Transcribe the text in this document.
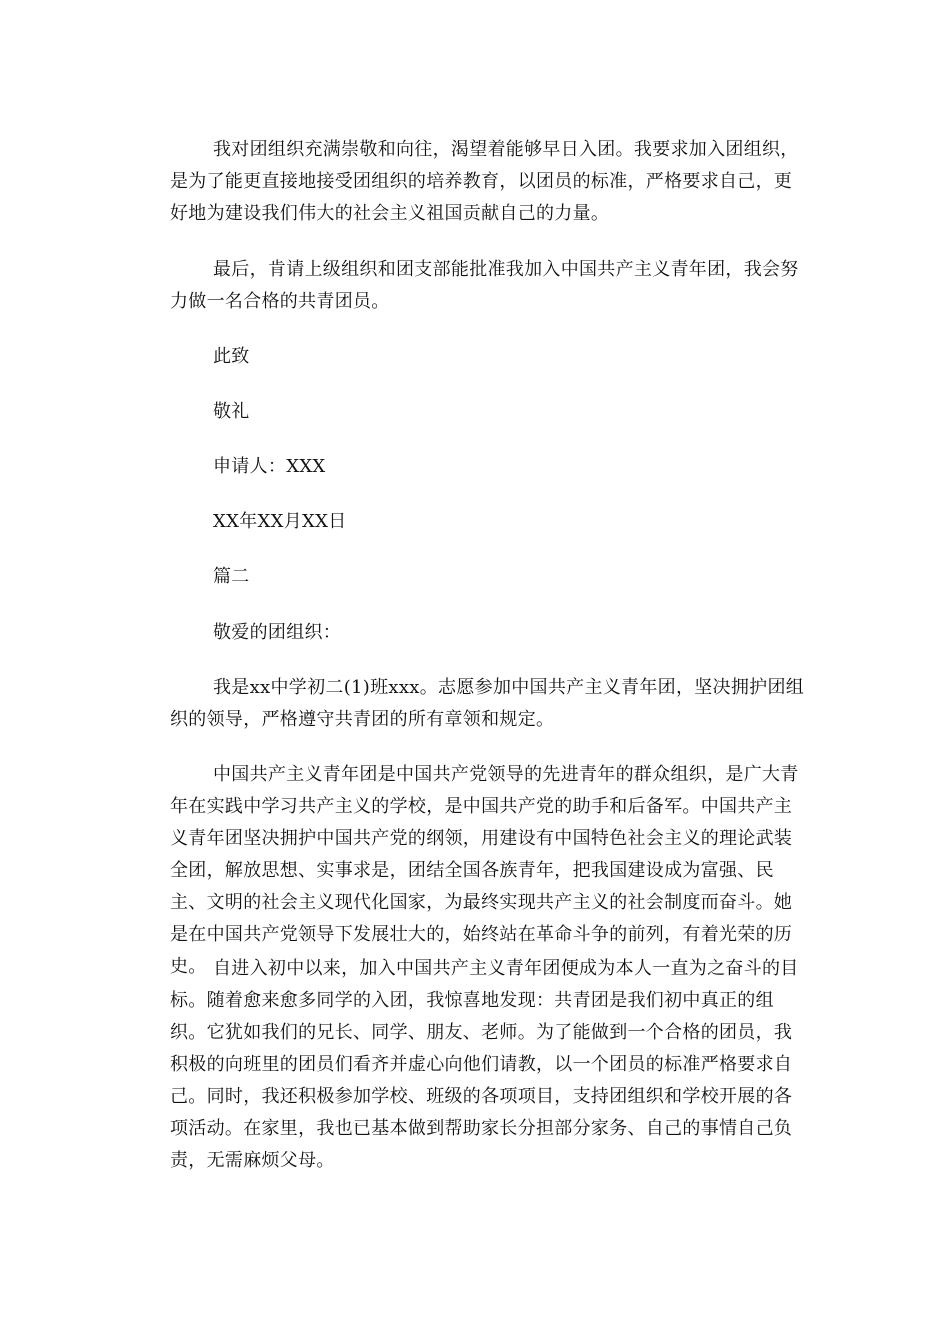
我对团组织充满崇敬和向往，渴望着能够早日入团。我要求加入团组织，是为了能更直接地接受团组织的培养教育，以团员的标准，严格要求自己，更好地为建设我们伟大的社会主义祖国贡献自己的力量。

最后，肯请上级组织和团支部能批准我加入中国共产主义青年团，我会努力做一名合格的共青团员。

此致

敬礼

申请人：XXX

XX年XX月XX日

篇二

敬爱的团组织：

我是xx中学初二(1)班xxx。志愿参加中国共产主义青年团，坚决拥护团组织的领导，严格遵守共青团的所有章领和规定。

中国共产主义青年团是中国共产党领导的先进青年的群众组织，是广大青年在实践中学习共产主义的学校，是中国共产党的助手和后备军。中国共产主义青年团坚决拥护中国共产党的纲领，用建设有中国特色社会主义的理论武装全团，解放思想、实事求是，团结全国各族青年，把我国建设成为富强、民主、文明的社会主义现代化国家，为最终实现共产主义的社会制度而奋斗。她是在中国共产党领导下发展壮大的，始终站在革命斗争的前列，有着光荣的历史。 自进入初中以来，加入中国共产主义青年团便成为本人一直为之奋斗的目标。随着愈来愈多同学的入团，我惊喜地发现：共青团是我们初中真正的组织。它犹如我们的兄长、同学、朋友、老师。为了能做到一个合格的团员，我积极的向班里的团员们看齐并虚心向他们请教，以一个团员的标准严格要求自己。同时，我还积极参加学校、班级的各项项目，支持团组织和学校开展的各项活动。在家里，我也已基本做到帮助家长分担部分家务、自己的事情自己负责，无需麻烦父母。
